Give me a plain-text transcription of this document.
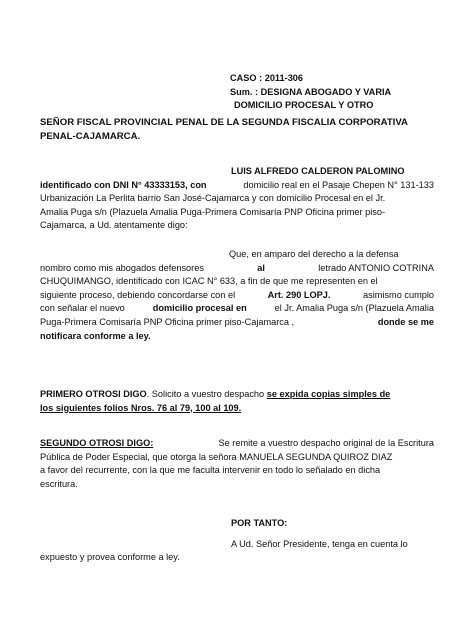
CASO : 2011-306
Sum. : DESIGNA ABOGADO Y VARIA
DOMICILIO PROCESAL Y OTRO
SEÑOR FISCAL PROVINCIAL PENAL DE LA SEGUNDA FISCALIA CORPORATIVA
PENAL-CAJAMARCA.
LUIS ALFREDO CALDERON PALOMINO
identificado con DNI N° 43333153, con	domicilio real en el Pasaje Chepen N° 131-133
Urbanización La Perlita barrio San José-Cajamarca y con domicilio Procesal en el Jr.
Amalia Puga s/n (Plazuela Amalia Puga-Primera Comisaría PNP Oficina primer piso-
Cajamarca, a Ud. atentamente digo:
Que, en amparo del derecho a la defensa
nombro como mis abogados defensores	al	letrado ANTONIO COTRINA
CHUQUIMANGO, identificado con ICAC N° 633, a fin de que me representen en el
siguiente proceso, debiendo concordarse con el	Art. 290 LOPJ.	asimismo cumplo
con señalar el nuevo	domicilio procesal en	el Jr. Amalia Puga s/n (Plazuela Amalia
Puga-Primera Comisaría PNP Oficina primer piso-Cajamarca ,	donde se me
notificara conforme a ley.
PRIMERO OTROSI DIGO. Solicito a vuestro despacho se expida copias simples de
los siguientes folios Nros. 76 al 79, 100 al 109.
SEGUNDO OTROSI DIGO:	Se remite a vuestro despacho original de la Escritura
Pública de Poder Especial, que otorga la señora MANUELA SEGUNDA QUIROZ DIAZ
a favor del recurrente, con la que me faculta intervenir en todo lo señalado en dicha
escritura.
POR TANTO:
A Ud. Señor Presidente, tenga en cuenta lo
expuesto y provea conforme a ley.
